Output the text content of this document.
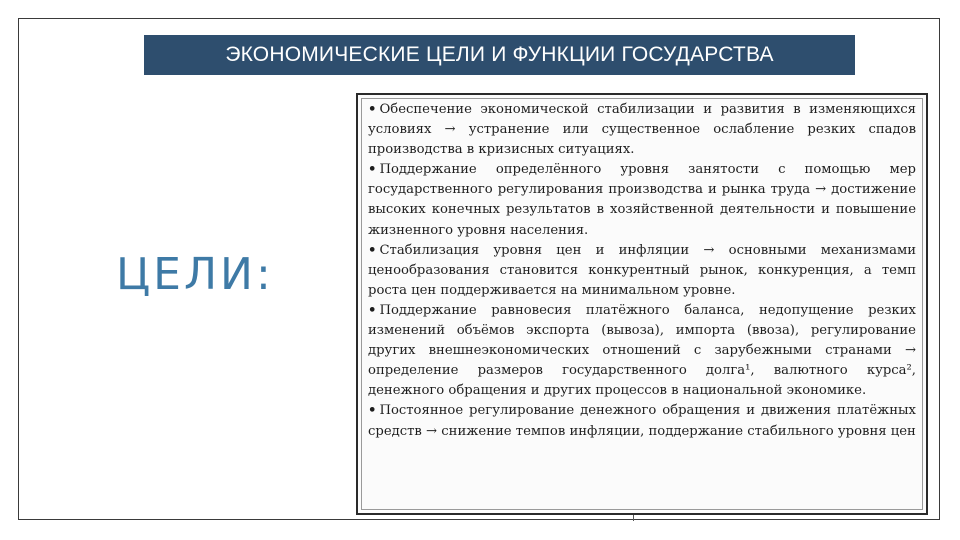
ЭКОНОМИЧЕСКИЕ ЦЕЛИ И ФУНКЦИИ ГОСУДАРСТВА
ЦЕЛИ:

• Обеспечение экономической стабилизации и развития в изменяющихся условиях → устранение или существенное ослабление резких спадов производства в кризисных ситуациях.

• Поддержание определённого уровня занятости с помощью мер государственного регулирования производства и рынка труда → достижение высоких конечных результатов в хозяйственной деятельности и повышение жизненного уровня населения.

• Стабилизация уровня цен и инфляции → основными механизмами ценообразования становится конкурентный рынок, конкуренция, а темп роста цен поддерживается на минимальном уровне.

• Поддержание равновесия платёжного баланса, недопущение резких изменений объёмов экспорта (вывоза), импорта (ввоза), регулирование других внешнеэкономических отношений с зарубежными странами → определение размеров государственного долга¹, валютного курса², денежного обращения и других процессов в национальной экономике.

• Постоянное регулирование денежного обращения и движения платёжных средств → снижение темпов инфляции, поддержание стабильного уровня цен
